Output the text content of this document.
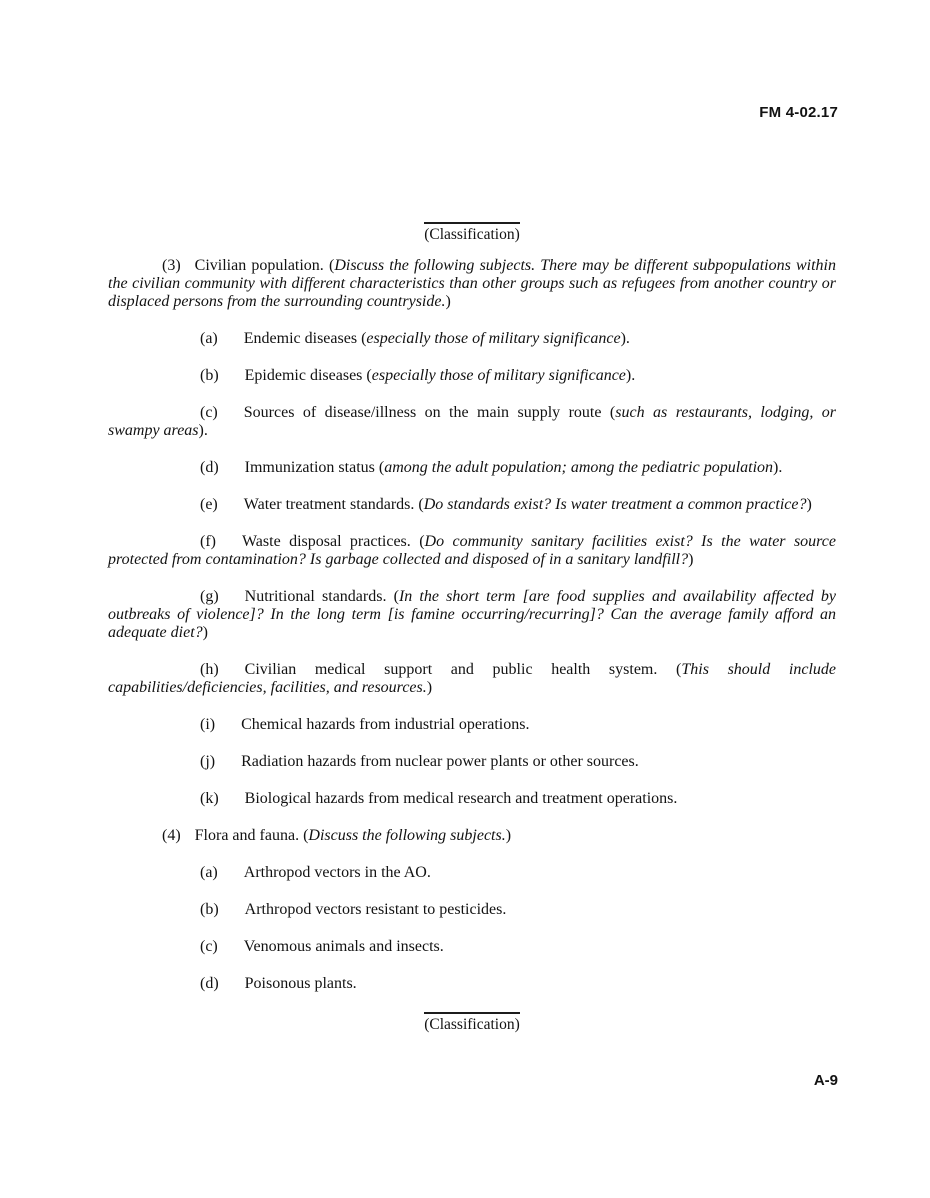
FM 4-02.17
(Classification)

(3) Civilian population. (Discuss the following subjects. There may be different subpopulations within the civilian community with different characteristics than other groups such as refugees from another country or displaced persons from the surrounding countryside.)

(a) Endemic diseases (especially those of military significance).

(b) Epidemic diseases (especially those of military significance).

(c) Sources of disease/illness on the main supply route (such as restaurants, lodging, or swampy areas).

(d) Immunization status (among the adult population; among the pediatric population).

(e) Water treatment standards. (Do standards exist? Is water treatment a common practice?)

(f) Waste disposal practices. (Do community sanitary facilities exist? Is the water source protected from contamination? Is garbage collected and disposed of in a sanitary landfill?)

(g) Nutritional standards. (In the short term [are food supplies and availability affected by outbreaks of violence]? In the long term [is famine occurring/recurring]? Can the average family afford an adequate diet?)

(h) Civilian medical support and public health system. (This should include capabilities/deficiencies, facilities, and resources.)

(i) Chemical hazards from industrial operations.

(j) Radiation hazards from nuclear power plants or other sources.

(k) Biological hazards from medical research and treatment operations.

(4) Flora and fauna. (Discuss the following subjects.)

(a) Arthropod vectors in the AO.

(b) Arthropod vectors resistant to pesticides.

(c) Venomous animals and insects.

(d) Poisonous plants.

(Classification)
A-9
